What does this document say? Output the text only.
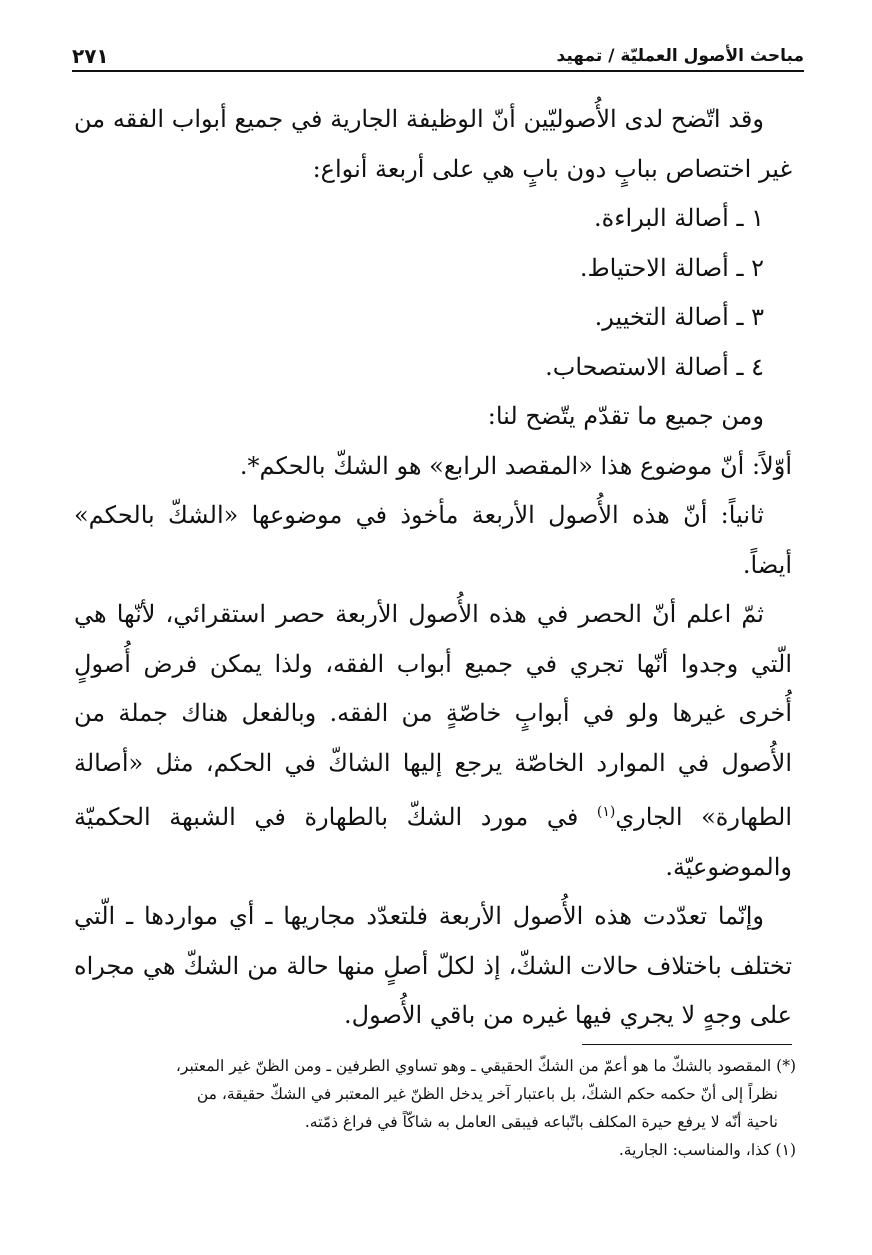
مباحث الأصول العمليّة / تمهيد
٢٧١

وقد اتّضح لدى الأُصوليّين أنّ الوظيفة الجارية في جميع أبواب الفقه من غير اختصاص ببابٍ دون بابٍ هي على أربعة أنواع:

١ ـ أصالة البراءة.

٢ ـ أصالة الاحتياط.

٣ ـ أصالة التخيير.

٤ ـ أصالة الاستصحاب.

ومن جميع ما تقدّم يتّضح لنا:

أوّلاً: أنّ موضوع هذا «المقصد الرابع» هو الشكّ بالحكم*.

ثانياً: أنّ هذه الأُصول الأربعة مأخوذ في موضوعها «الشكّ بالحكم» أيضاً.

ثمّ اعلم أنّ الحصر في هذه الأُصول الأربعة حصر استقرائي، لأنّها هي الّتي وجدوا أنّها تجري في جميع أبواب الفقه، ولذا يمكن فرض أُصولٍ أُخرى غيرها ولو في أبوابٍ خاصّةٍ من الفقه. وبالفعل هناك جملة من الأُصول في الموارد الخاصّة يرجع إليها الشاكّ في الحكم، مثل «أصالة الطهارة» الجاري$^{(١)}$ في مورد الشكّ بالطهارة في الشبهة الحكميّة والموضوعيّة.

وإنّما تعدّدت هذه الأُصول الأربعة فلتعدّد مجاريها ـ أي مواردها ـ الّتي تختلف باختلاف حالات الشكّ، إذ لكلّ أصلٍ منها حالة من الشكّ هي مجراه على وجهٍ لا يجري فيها غيره من باقي الأُصول.

(*) المقصود بالشكّ ما هو أعمّ من الشكّ الحقيقي ـ وهو تساوي الطرفين ـ ومن الظنّ غير المعتبر،

نظراً إلى أنّ حكمه حكم الشكّ، بل باعتبار آخر يدخل الظنّ غير المعتبر في الشكّ حقيقة، من

ناحية أنّه لا يرفع حيرة المكلف باتّباعه فيبقى العامل به شاكّاً في فراغ ذمّته.

(١) كذا، والمناسب: الجارية.
